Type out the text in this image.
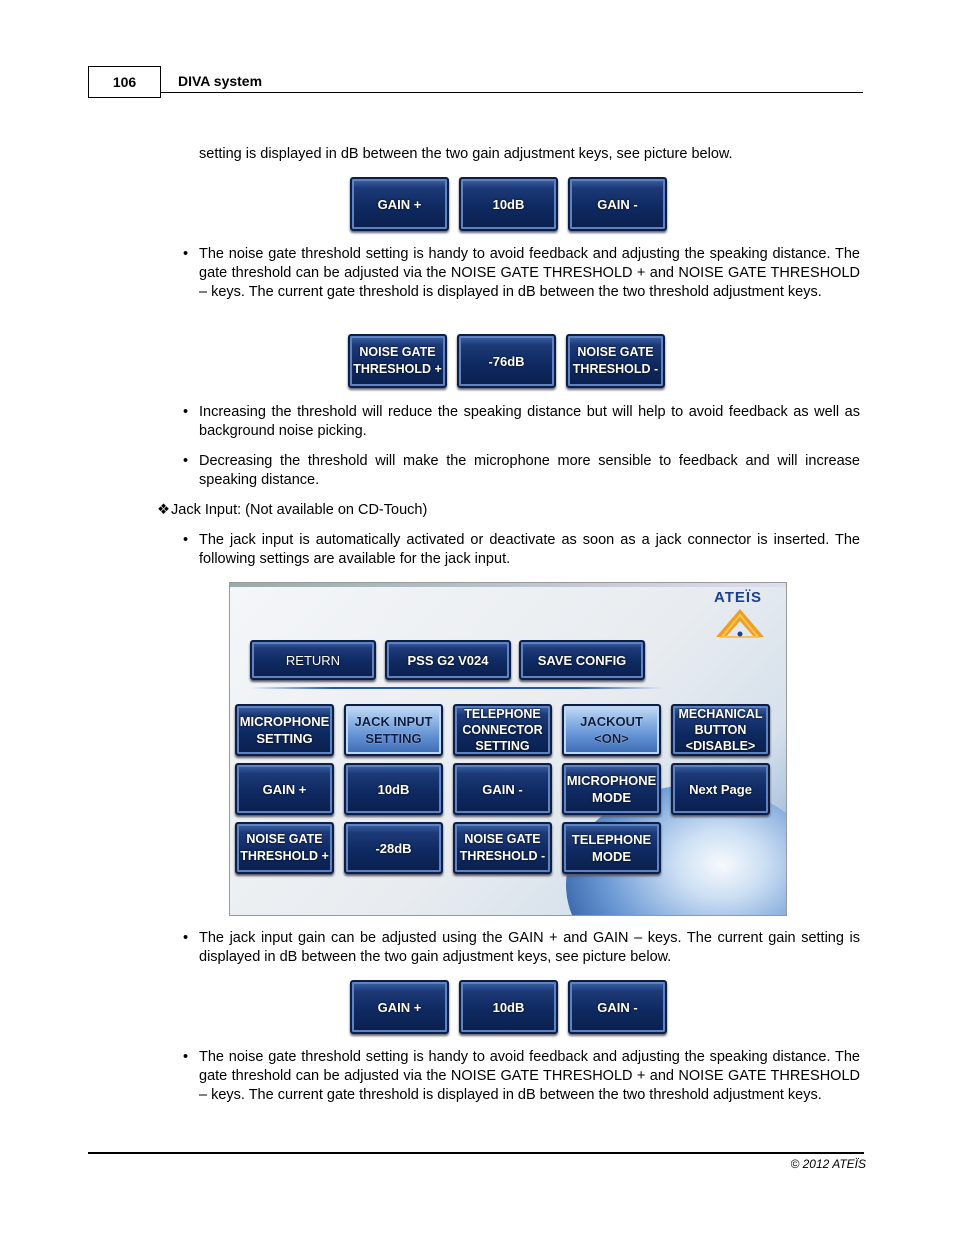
106	DIVA system
setting is displayed in dB between the two gain adjustment keys, see picture below.
GAIN +	10dB	GAIN -
• The noise gate threshold setting is handy to avoid feedback and adjusting the speaking distance. The gate threshold can be adjusted via the NOISE GATE THRESHOLD + and NOISE GATE THRESHOLD – keys. The current gate threshold is displayed in dB between the two threshold adjustment keys.
NOISE GATE
THRESHOLD +
-76dB
NOISE GATE
THRESHOLD -
• Increasing the threshold will reduce the speaking distance but will help to avoid feedback as well as background noise picking.
• Decreasing the threshold will make the microphone more sensible to feedback and will increase speaking distance.
❖ Jack Input: (Not available on CD-Touch)
• The jack input is automatically activated or deactivate as soon as a jack connector is inserted. The following settings are available for the jack input.
ATEÏS
RETURN	PSS G2 V024	SAVE CONFIG
MICROPHONE
SETTING
JACK INPUT
SETTING
TELEPHONE
CONNECTOR
SETTING
JACKOUT
<ON>
MECHANICAL
BUTTON
<DISABLE>
GAIN +	10dB	GAIN -
MICROPHONE
MODE
Next Page
NOISE GATE
THRESHOLD +
-28dB
NOISE GATE
THRESHOLD -
TELEPHONE
MODE
• The jack input gain can be adjusted using the GAIN + and GAIN – keys. The current gain setting is displayed in dB between the two gain adjustment keys, see picture below.
GAIN +	10dB	GAIN -
• The noise gate threshold setting is handy to avoid feedback and adjusting the speaking distance. The gate threshold can be adjusted via the NOISE GATE THRESHOLD + and NOISE GATE THRESHOLD – keys. The current gate threshold is displayed in dB between the two threshold adjustment keys.
© 2012 ATEÏS
